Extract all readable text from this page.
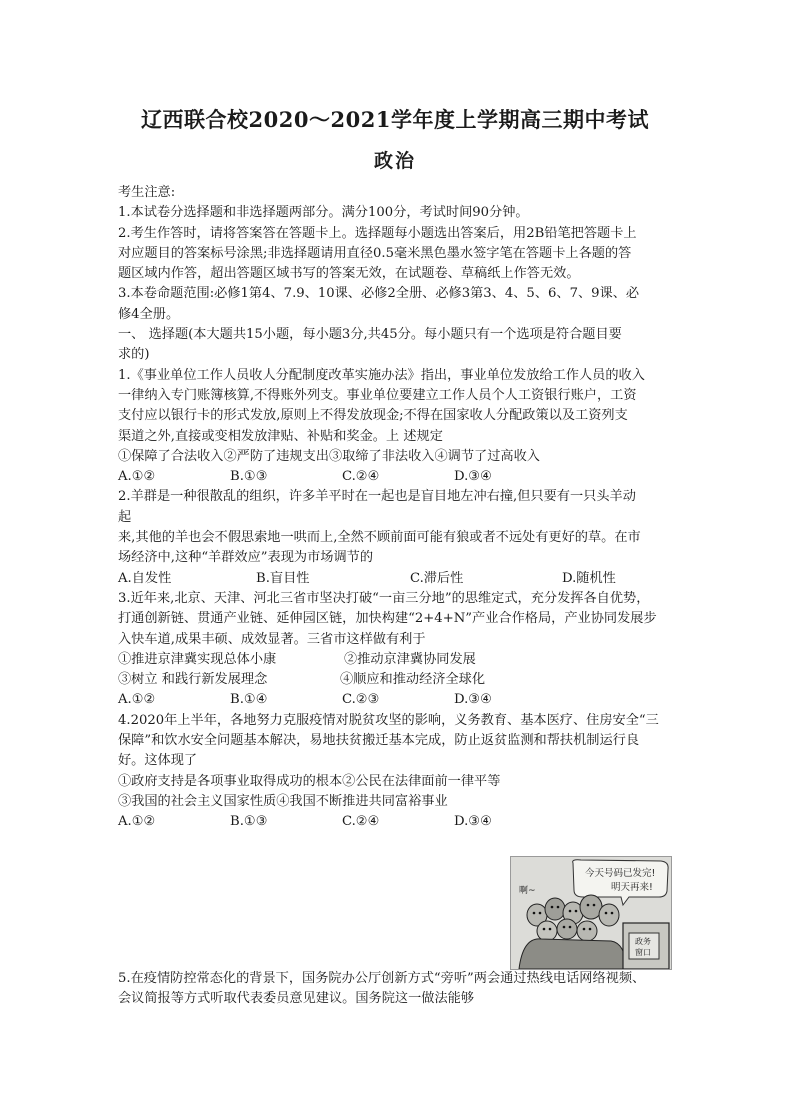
辽西联合校2020～2021学年度上学期高三期中考试
政治
考生注意:
1.本试卷分选择题和非选择题两部分。满分100分，考试时间90分钟。
2.考生作答时，请将答案答在答题卡上。选择题每小题选出答案后，用2B铅笔把答题卡上
对应题目的答案标号涂黑;非选择题请用直径0.5毫米黑色墨水签字笔在答题卡上各题的答
题区域内作答，超出答题区域书写的答案无效，在试题卷、草稿纸上作答无效。
3.本卷命题范围:必修1第4、7.9、10课、必修2全册、必修3第3、4、5、6、7、9课、必
修4全册。
一、 选择题(本大题共15小题，每小题3分,共45分。每小题只有一个选项是符合题目要
求的)
1.《事业单位工作人员收人分配制度改革实施办法》指出，事业单位发放给工作人员的收入
一律纳入专门账簿核算,不得账外列支。事业单位要建立工作人员个人工资银行账户，工资
支付应以银行卡的形式发放,原则上不得发放现金;不得在国家收人分配政策以及工资列支
渠道之外,直接或变相发放津贴、补贴和奖金。上 述规定
①保障了合法收入②严防了违规支出③取缔了非法收入④调节了过高收入
A.①②	B.①③	C.②④	D.③④
2.羊群是一种很散乱的组织，许多羊平时在一起也是盲目地左冲右撞,但只要有一只头羊动
起
来,其他的羊也会不假思索地一哄而上,全然不顾前面可能有狼或者不远处有更好的草。在市
场经济中,这种“羊群效应”表现为市场调节的
A.自发性	B.盲目性	C.滞后性	D.随机性
3.近年来,北京、天津、河北三省市坚决打破“一亩三分地”的思维定式，充分发挥各自优势，
打通创新链、贯通产业链、延伸园区链，加快构建“2+4+N”产业合作格局，产业协同发展步
入快车道,成果丰硕、成效显著。三省市这样做有利于
①推进京津冀实现总体小康	②推动京津冀协同发展
③树立 和践行新发展理念	④顺应和推动经济全球化
A.①②	B.①④	C.②③	D.③④
4.2020年上半年，各地努力克服疫情对脱贫攻坚的影响，义务教育、基本医疗、住房安全“三
保障”和饮水安全问题基本解决，易地扶贫搬迁基本完成，防止返贫监测和帮扶机制运行良
好。这体现了
①政府支持是各项事业取得成功的根本②公民在法律面前一律平等
③我国的社会主义国家性质④我国不断推进共同富裕事业
A.①②	B.①③	C.②④	D.③④
今天号码已发完!
明天再来!
啊~
政务
窗口
5.在疫情防控常态化的背景下，国务院办公厅创新方式“旁听”两会通过热线电话网络视频、
会议简报等方式听取代表委员意见建议。国务院这一做法能够
